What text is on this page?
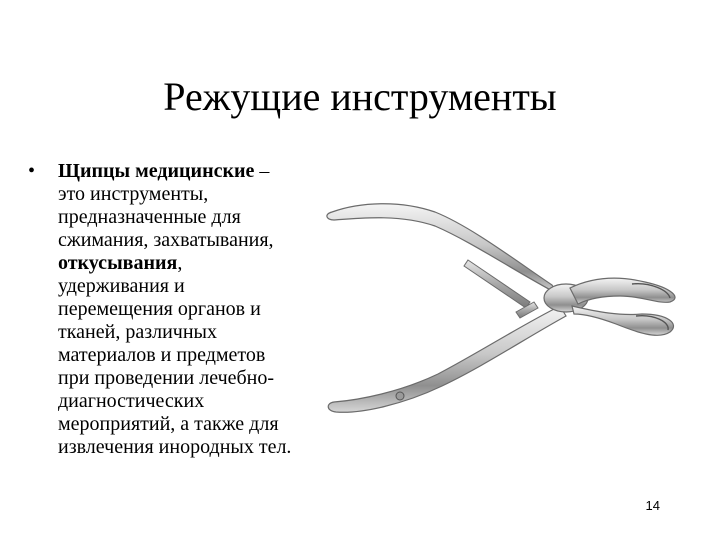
Режущие инструменты
• Щипцы медицинские –
это инструменты,
предназначенные для
сжимания, захватывания,
откусывания,
удерживания и
перемещения органов и
тканей, различных
материалов и предметов
при проведении лечебно-
диагностических
мероприятий, а также для
извлечения инородных тел.
14
